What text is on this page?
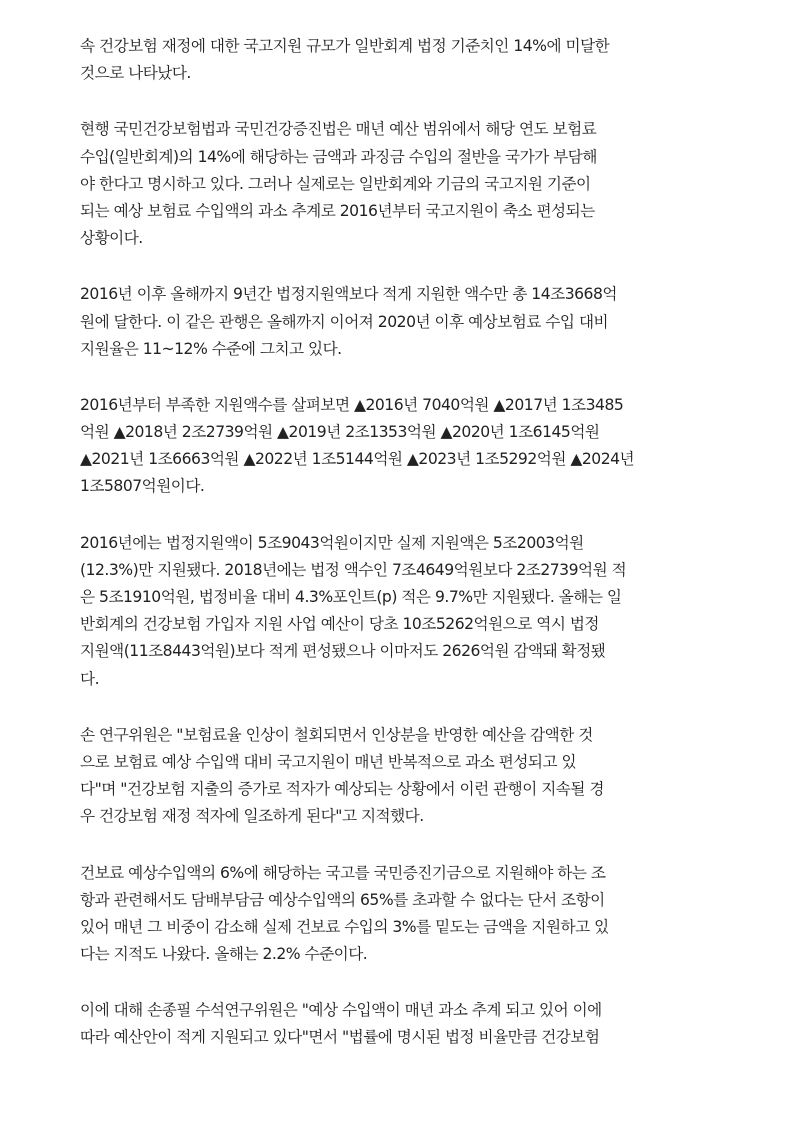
속 건강보험 재정에 대한 국고지원 규모가 일반회계 법정 기준치인 14%에 미달한
것으로 나타났다.

현행 국민건강보험법과 국민건강증진법은 매년 예산 범위에서 해당 연도 보험료
수입(일반회계)의 14%에 해당하는 금액과 과징금 수입의 절반을 국가가 부담해
야 한다고 명시하고 있다. 그러나 실제로는 일반회계와 기금의 국고지원 기준이
되는 예상 보험료 수입액의 과소 추계로 2016년부터 국고지원이 축소 편성되는
상황이다.

2016년 이후 올해까지 9년간 법정지원액보다 적게 지원한 액수만 총 14조3668억
원에 달한다. 이 같은 관행은 올해까지 이어져 2020년 이후 예상보험료 수입 대비
지원율은 11~12% 수준에 그치고 있다.

2016년부터 부족한 지원액수를 살펴보면 ▲2016년 7040억원 ▲2017년 1조3485
억원 ▲2018년 2조2739억원 ▲2019년 2조1353억원 ▲2020년 1조6145억원
▲2021년 1조6663억원 ▲2022년 1조5144억원 ▲2023년 1조5292억원 ▲2024년
1조5807억원이다.

2016년에는 법정지원액이 5조9043억원이지만 실제 지원액은 5조2003억원
(12.3%)만 지원됐다. 2018년에는 법정 액수인 7조4649억원보다 2조2739억원 적
은 5조1910억원, 법정비율 대비 4.3%포인트(p) 적은 9.7%만 지원됐다. 올해는 일
반회계의 건강보험 가입자 지원 사업 예산이 당초 10조5262억원으로 역시 법정
지원액(11조8443억원)보다 적게 편성됐으나 이마저도 2626억원 감액돼 확정됐
다.

손 연구위원은 "보험료율 인상이 철회되면서 인상분을 반영한 예산을 감액한 것
으로 보험료 예상 수입액 대비 국고지원이 매년 반복적으로 과소 편성되고 있
다"며 "건강보험 지출의 증가로 적자가 예상되는 상황에서 이런 관행이 지속될 경
우 건강보험 재정 적자에 일조하게 된다"고 지적했다.

건보료 예상수입액의 6%에 해당하는 국고를 국민증진기금으로 지원해야 하는 조
항과 관련해서도 담배부담금 예상수입액의 65%를 초과할 수 없다는 단서 조항이
있어 매년 그 비중이 감소해 실제 건보료 수입의 3%를 밑도는 금액을 지원하고 있
다는 지적도 나왔다. 올해는 2.2% 수준이다.

이에 대해 손종필 수석연구위원은 "예상 수입액이 매년 과소 추계 되고 있어 이에
따라 예산안이 적게 지원되고 있다"면서 "법률에 명시된 법정 비율만큼 건강보험
